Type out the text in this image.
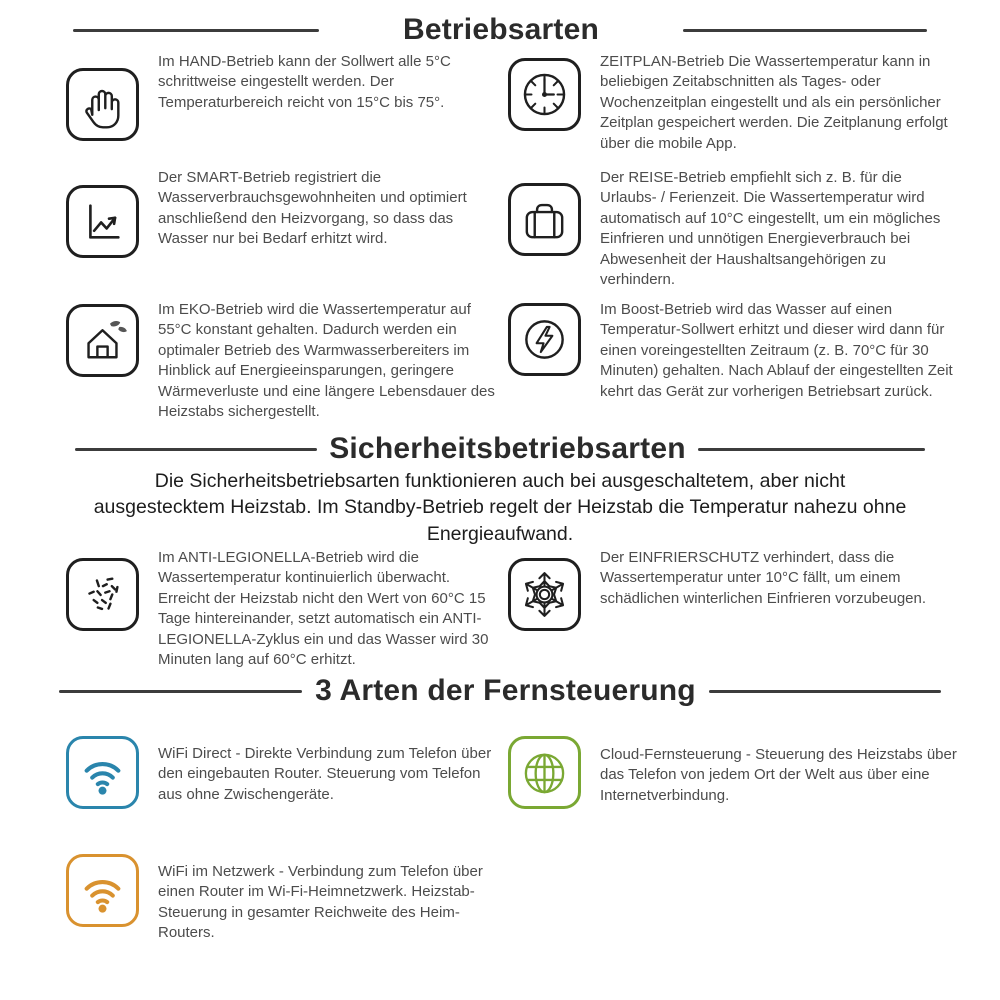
Betriebsarten
Im HAND-Betrieb kann der Sollwert alle 5°C schrittweise eingestellt werden. Der Temperaturbereich reicht von 15°C bis 75°.
ZEITPLAN-Betrieb Die Wassertemperatur kann in beliebigen Zeitabschnitten als Tages- oder Wochenzeitplan eingestellt und als ein persönlicher Zeitplan gespeichert werden. Die Zeitplanung erfolgt über die mobile App.
Der SMART-Betrieb registriert die Wasserverbrauchsgewohnheiten und optimiert anschließend den Heizvorgang, so dass das Wasser nur bei Bedarf erhitzt wird.
Der REISE-Betrieb empfiehlt sich z. B. für die Urlaubs- / Ferienzeit. Die Wassertemperatur wird automatisch auf 10°C eingestellt, um ein mögliches Einfrieren und unnötigen Energieverbrauch bei Abwesenheit der Haushaltsangehörigen zu verhindern.
Im EKO-Betrieb wird die Wassertemperatur auf 55°C konstant gehalten. Dadurch werden ein optimaler Betrieb des Warmwasserbereiters im Hinblick auf Energieeinsparungen, geringere Wärmeverluste und eine längere Lebensdauer des Heizstabs sichergestellt.
Im Boost-Betrieb wird das Wasser auf einen Temperatur-Sollwert erhitzt und dieser wird dann für einen voreingestellten Zeitraum (z. B. 70°C für 30 Minuten) gehalten. Nach Ablauf der eingestellten Zeit kehrt das Gerät zur vorherigen Betriebsart zurück.
Sicherheitsbetriebsarten
Die Sicherheitsbetriebsarten funktionieren auch bei ausgeschaltetem, aber nicht ausgestecktem Heizstab. Im Standby-Betrieb regelt der Heizstab die Temperatur nahezu ohne Energieaufwand.
Im ANTI-LEGIONELLA-Betrieb wird die Wassertemperatur kontinuierlich überwacht. Erreicht der Heizstab nicht den Wert von 60°C 15 Tage hintereinander, setzt automatisch ein ANTI-LEGIONELLA-Zyklus ein und das Wasser wird 30 Minuten lang auf 60°C erhitzt.
Der EINFRIERSCHUTZ verhindert, dass die Wassertemperatur unter 10°C fällt, um einem schädlichen winterlichen Einfrieren vorzubeugen.
3 Arten der Fernsteuerung
WiFi Direct - Direkte Verbindung zum Telefon über den eingebauten Router. Steuerung vom Telefon aus ohne Zwischengeräte.
Cloud-Fernsteuerung - Steuerung des Heizstabs über das Telefon von jedem Ort der Welt aus über eine Internetverbindung.
WiFi im Netzwerk - Verbindung zum Telefon über einen Router im Wi-Fi-Heimnetzwerk. Heizstab-Steuerung in gesamter Reichweite des Heim-Routers.
